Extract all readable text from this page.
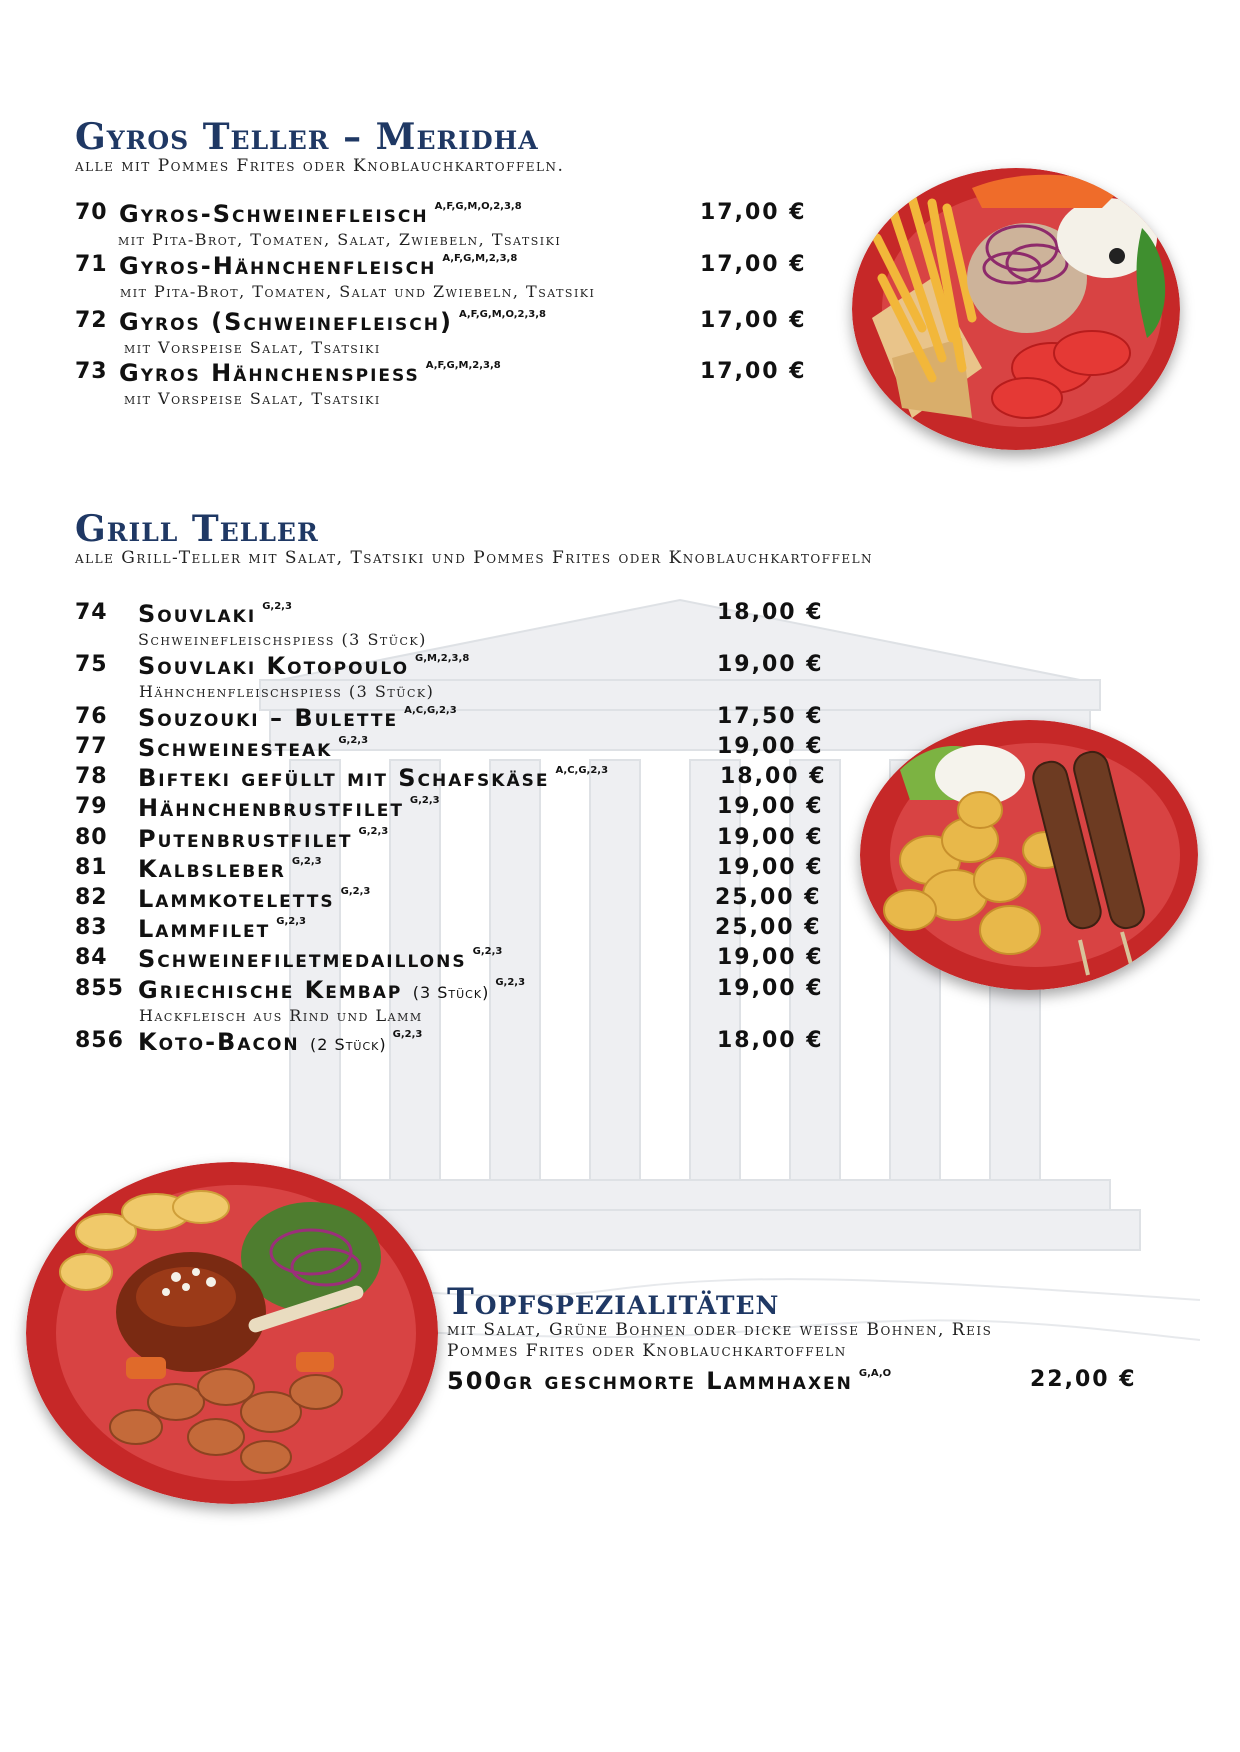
Gyros Teller – Meridha

alle mit Pommes Frites oder Knoblauchkartoffeln.

70 Gyros-Schweinefleisch $^{A,F,G,M,O,2,3,8}$	17,00 €
mit Pita-Brot, Tomaten, Salat, Zwiebeln, Tsatsiki
71 Gyros-Hähnchenfleisch $^{A,F,G,M,2,3,8}$	17,00 €
mit Pita-Brot, Tomaten, Salat und Zwiebeln, Tsatsiki
72 Gyros (Schweinefleisch) $^{A,F,G,M,O,2,3,8}$	17,00 €
mit Vorspeise Salat, Tsatsiki
73 Gyros Hähnchenspiess $^{A,F,G,M,2,3,8}$	17,00 €
mit Vorspeise Salat, Tsatsiki
Grill Teller

alle Grill-Teller mit Salat, Tsatsiki und Pommes Frites oder Knoblauchkartoffeln

74 Souvlaki $^{G,2,3}$	18,00 €
Schweinefleischspiess (3 Stück)
75 Souvlaki Kotopoulo $^{G,M,2,3,8}$	19,00 €
Hähnchenfleischspiess (3 Stück)
76 Souzouki – Bulette $^{A,C,G,2,3}$	17,50 €
77 Schweinesteak $^{G,2,3}$	19,00 €
78 Bifteki gefüllt mit Schafskäse $^{A,C,G,2,3}$	18,00 €
79 Hähnchenbrustfilet $^{G,2,3}$	19,00 €
80 Putenbrustfilet $^{G,2,3}$	19,00 €
81 Kalbsleber $^{G,2,3}$	19,00 €
82 Lammkoteletts $^{G,2,3}$	25,00 €
83 Lammfilet $^{G,2,3}$	25,00 €
84 Schweinefiletmedaillons $^{G,2,3}$	19,00 €
855 Griechische Kembap (3 Stück)$^{G,2,3}$	19,00 €
Hackfleisch aus Rind und Lamm
856 Koto-Bacon (2 Stück)$^{G,2,3}$	18,00 €
Topfspezialitäten

mit Salat, Grüne Bohnen oder dicke weisse Bohnen, Reis

Pommes Frites oder Knoblauchkartoffeln

500gr geschmorte Lammhaxen $^{G,A,O}$	22,00 €
